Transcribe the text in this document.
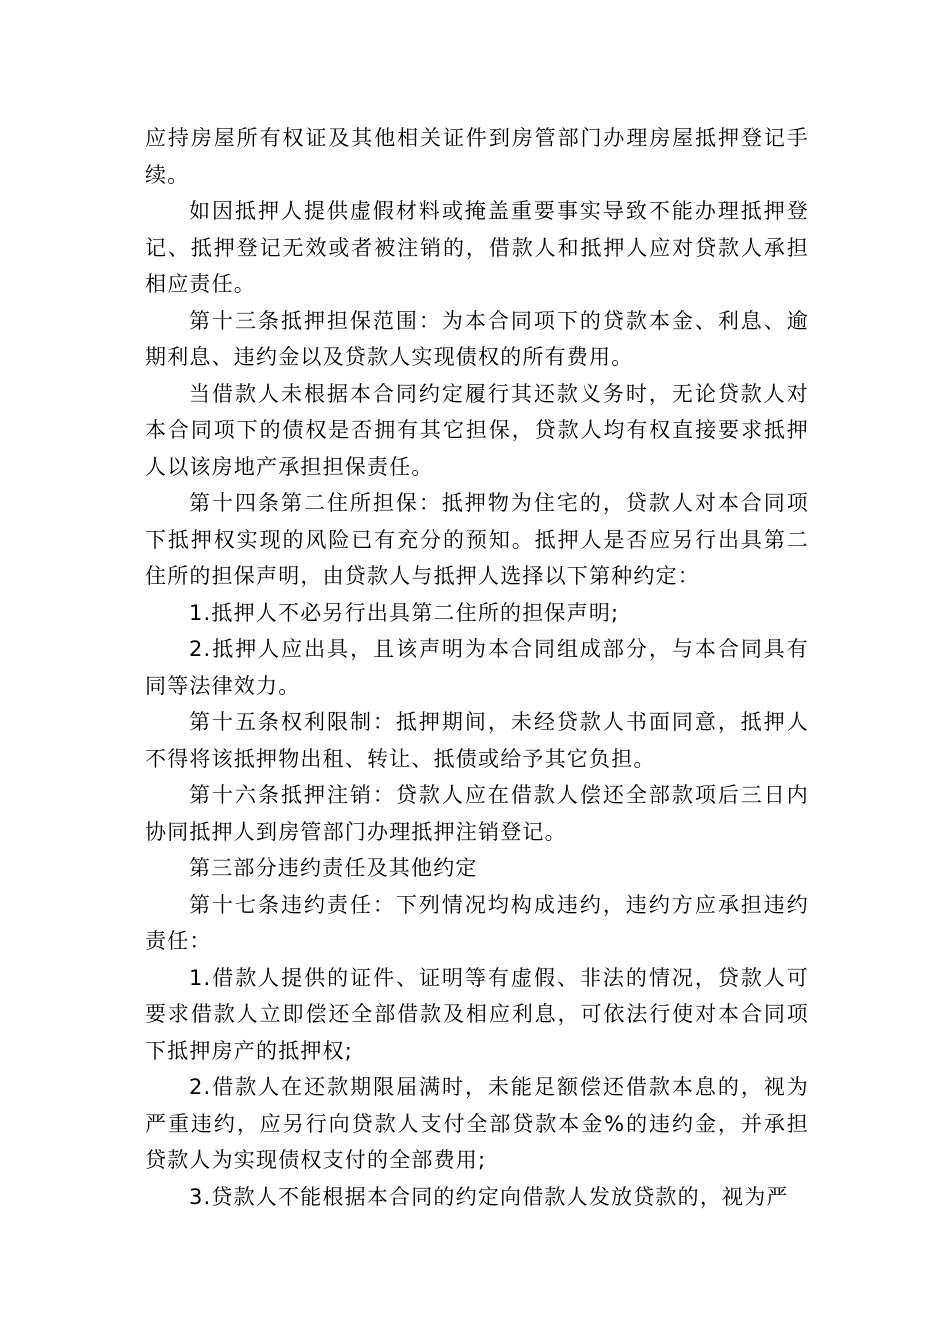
应持房屋所有权证及其他相关证件到房管部门办理房屋抵押登记手续。

如因抵押人提供虚假材料或掩盖重要事实导致不能办理抵押登记、抵押登记无效或者被注销的，借款人和抵押人应对贷款人承担相应责任。

第十三条抵押担保范围：为本合同项下的贷款本金、利息、逾期利息、违约金以及贷款人实现债权的所有费用。

当借款人未根据本合同约定履行其还款义务时，无论贷款人对本合同项下的债权是否拥有其它担保，贷款人均有权直接要求抵押人以该房地产承担担保责任。

第十四条第二住所担保：抵押物为住宅的，贷款人对本合同项下抵押权实现的风险已有充分的预知。抵押人是否应另行出具第二住所的担保声明，由贷款人与抵押人选择以下第种约定：

1.抵押人不必另行出具第二住所的担保声明;

2.抵押人应出具，且该声明为本合同组成部分，与本合同具有同等法律效力。

第十五条权利限制：抵押期间，未经贷款人书面同意，抵押人不得将该抵押物出租、转让、抵债或给予其它负担。

第十六条抵押注销：贷款人应在借款人偿还全部款项后三日内协同抵押人到房管部门办理抵押注销登记。

第三部分违约责任及其他约定

第十七条违约责任：下列情况均构成违约，违约方应承担违约责任：

1.借款人提供的证件、证明等有虚假、非法的情况，贷款人可要求借款人立即偿还全部借款及相应利息，可依法行使对本合同项下抵押房产的抵押权;

2.借款人在还款期限届满时，未能足额偿还借款本息的，视为严重违约，应另行向贷款人支付全部贷款本金%的违约金，并承担贷款人为实现债权支付的全部费用;

3.贷款人不能根据本合同的约定向借款人发放贷款的，视为严
